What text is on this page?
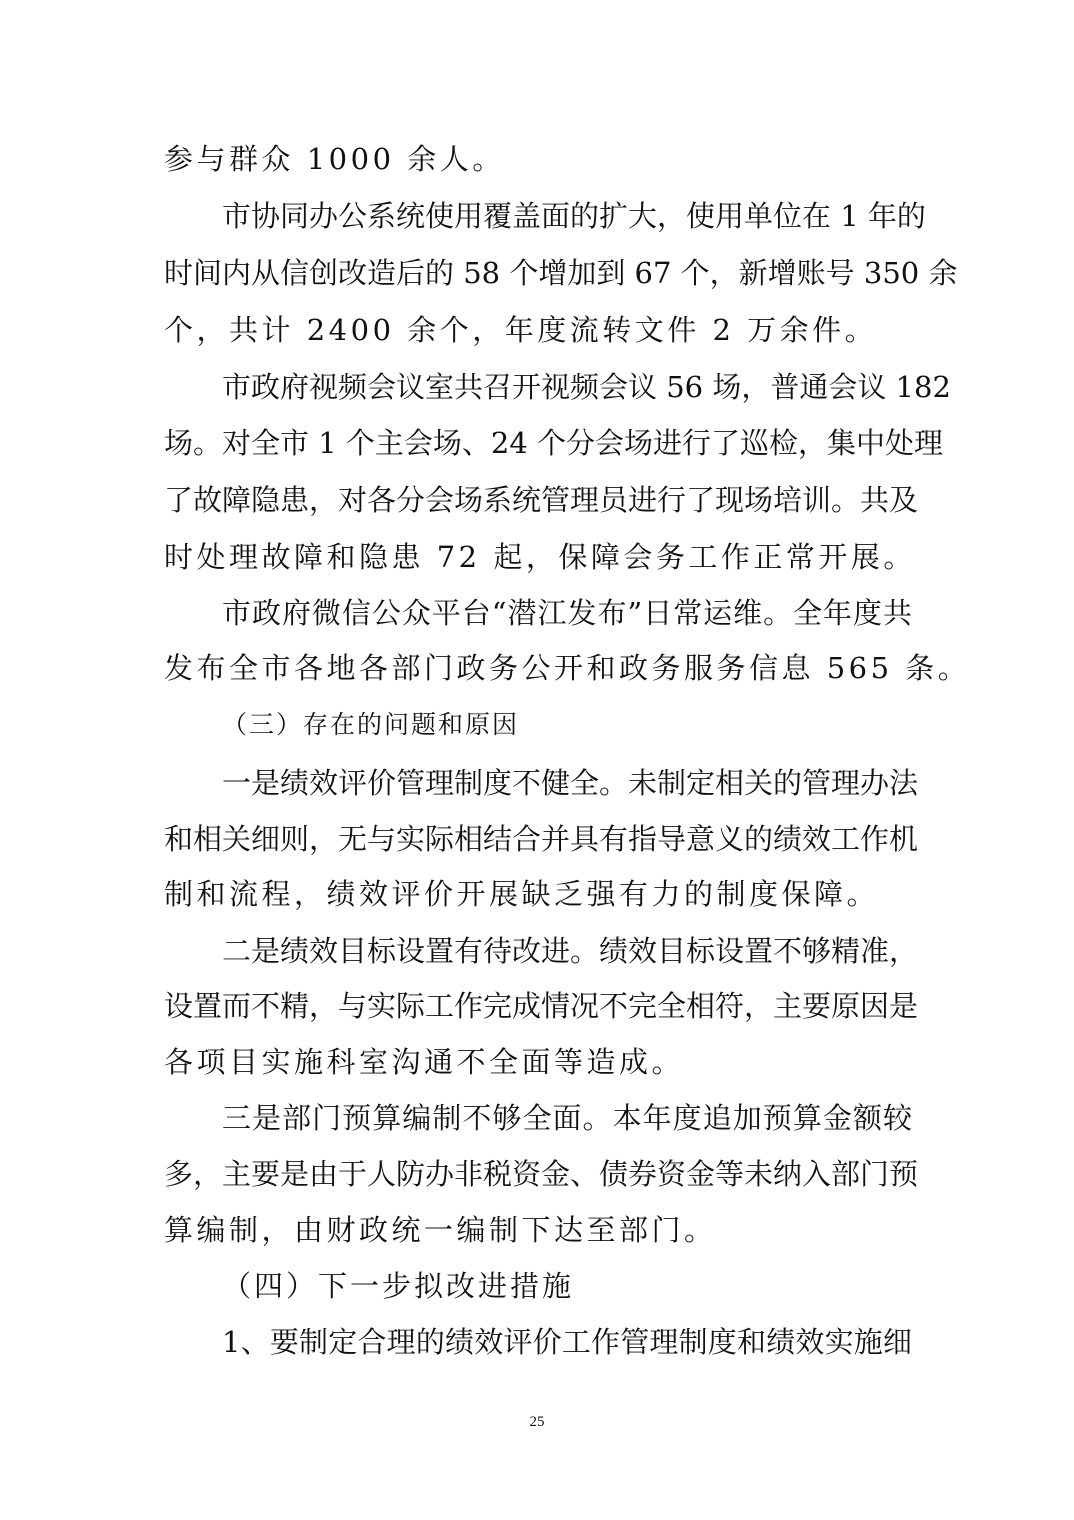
参与群众 1000 余人。
市协同办公系统使用覆盖面的扩大，使用单位在 1 年的
时间内从信创改造后的 58 个增加到 67 个，新增账号 350 余
个，共计 2400 余个，年度流转文件 2 万余件。
市政府视频会议室共召开视频会议 56 场，普通会议 182
场。对全市 1 个主会场、24 个分会场进行了巡检，集中处理
了故障隐患，对各分会场系统管理员进行了现场培训。共及
时处理故障和隐患 72 起，保障会务工作正常开展。
市政府微信公众平台“潜江发布”日常运维。全年度共
发布全市各地各部门政务公开和政务服务信息 565 条。
（三）存在的问题和原因
一是绩效评价管理制度不健全。未制定相关的管理办法
和相关细则，无与实际相结合并具有指导意义的绩效工作机
制和流程，绩效评价开展缺乏强有力的制度保障。
二是绩效目标设置有待改进。绩效目标设置不够精准，
设置而不精，与实际工作完成情况不完全相符，主要原因是
各项目实施科室沟通不全面等造成。
三是部门预算编制不够全面。本年度追加预算金额较
多，主要是由于人防办非税资金、债券资金等未纳入部门预
算编制，由财政统一编制下达至部门。
（四）下一步拟改进措施
1、要制定合理的绩效评价工作管理制度和绩效实施细
25
